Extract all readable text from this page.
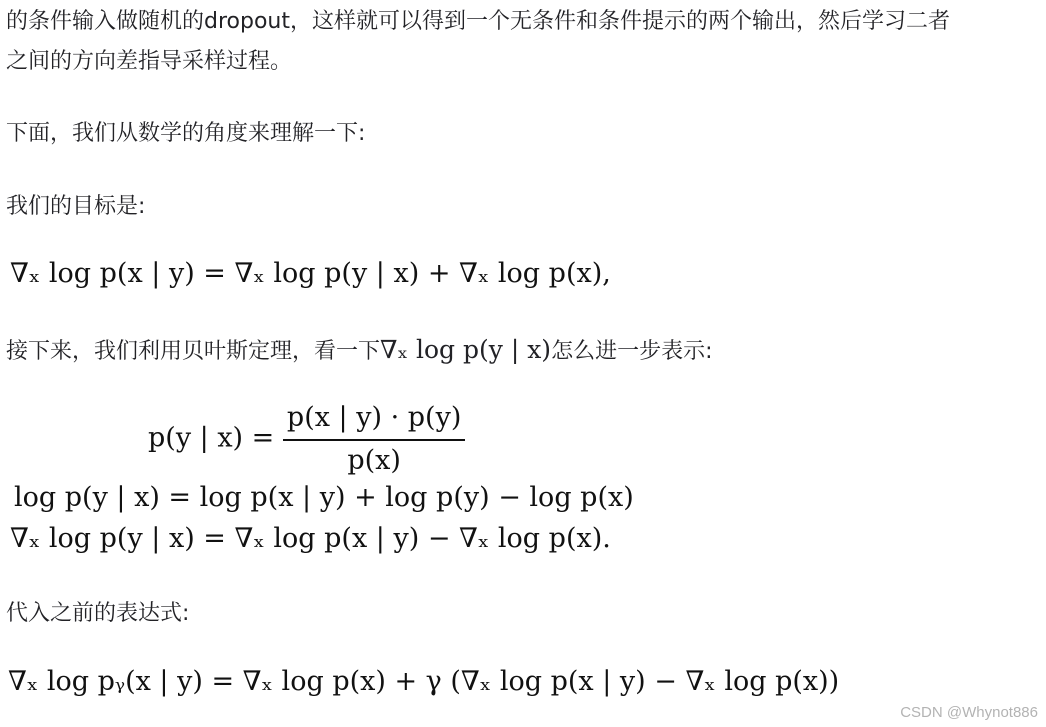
的条件输入做随机的dropout，这样就可以得到一个无条件和条件提示的两个输出，然后学习二者

之间的方向差指导采样过程。

下面，我们从数学的角度来理解一下:

我们的目标是:

∇ₓ log p(x | y) = ∇ₓ log p(y | x) + ∇ₓ log p(x),

接下来，我们利用贝叶斯定理，看一下∇ₓ log p(y | x)怎么进一步表示:

p(y | $x) = \frac{p(x | y) \cdot p(y)}{p(x)}$
log p(y | x) = log p(x | y) + log p(y) − log p(x)
∇ₓ log p(y | x) = ∇ₓ log p(x | y) − ∇ₓ log p(x).

代入之前的表达式:

∇ₓ log pᵧ(x | y) = ∇ₓ log p(x) + γ (∇ₓ log p(x | y) − ∇ₓ log p(x))
CSDN @Whynot886
